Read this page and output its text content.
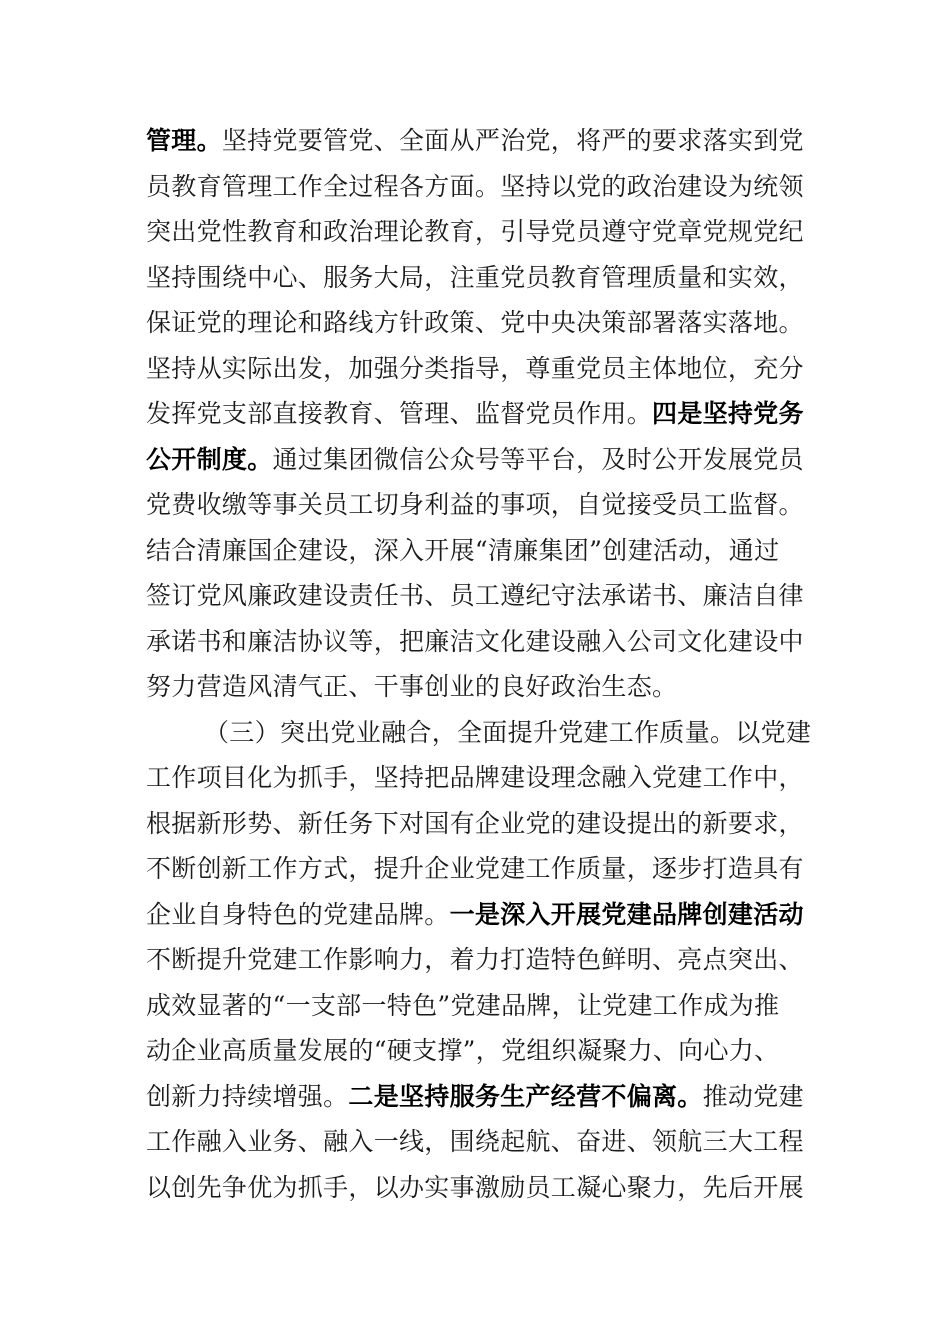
管理。坚持党要管党、全面从严治党，将严的要求落实到党
员教育管理工作全过程各方面。坚持以党的政治建设为统领
突出党性教育和政治理论教育，引导党员遵守党章党规党纪
坚持围绕中心、服务大局，注重党员教育管理质量和实效，
保证党的理论和路线方针政策、党中央决策部署落实落地。
坚持从实际出发，加强分类指导，尊重党员主体地位，充分
发挥党支部直接教育、管理、监督党员作用。四是坚持党务
公开制度。通过集团微信公众号等平台，及时公开发展党员
党费收缴等事关员工切身利益的事项，自觉接受员工监督。
结合清廉国企建设，深入开展“清廉集团”创建活动，通过
签订党风廉政建设责任书、员工遵纪守法承诺书、廉洁自律
承诺书和廉洁协议等，把廉洁文化建设融入公司文化建设中
努力营造风清气正、干事创业的良好政治生态。
（三）突出党业融合，全面提升党建工作质量。以党建
工作项目化为抓手，坚持把品牌建设理念融入党建工作中，
根据新形势、新任务下对国有企业党的建设提出的新要求，
不断创新工作方式，提升企业党建工作质量，逐步打造具有
企业自身特色的党建品牌。一是深入开展党建品牌创建活动
不断提升党建工作影响力，着力打造特色鲜明、亮点突出、
成效显著的“一支部一特色”党建品牌，让党建工作成为推
动企业高质量发展的“硬支撑”，党组织凝聚力、向心力、
创新力持续增强。二是坚持服务生产经营不偏离。推动党建
工作融入业务、融入一线，围绕起航、奋进、领航三大工程
以创先争优为抓手，以办实事激励员工凝心聚力，先后开展
